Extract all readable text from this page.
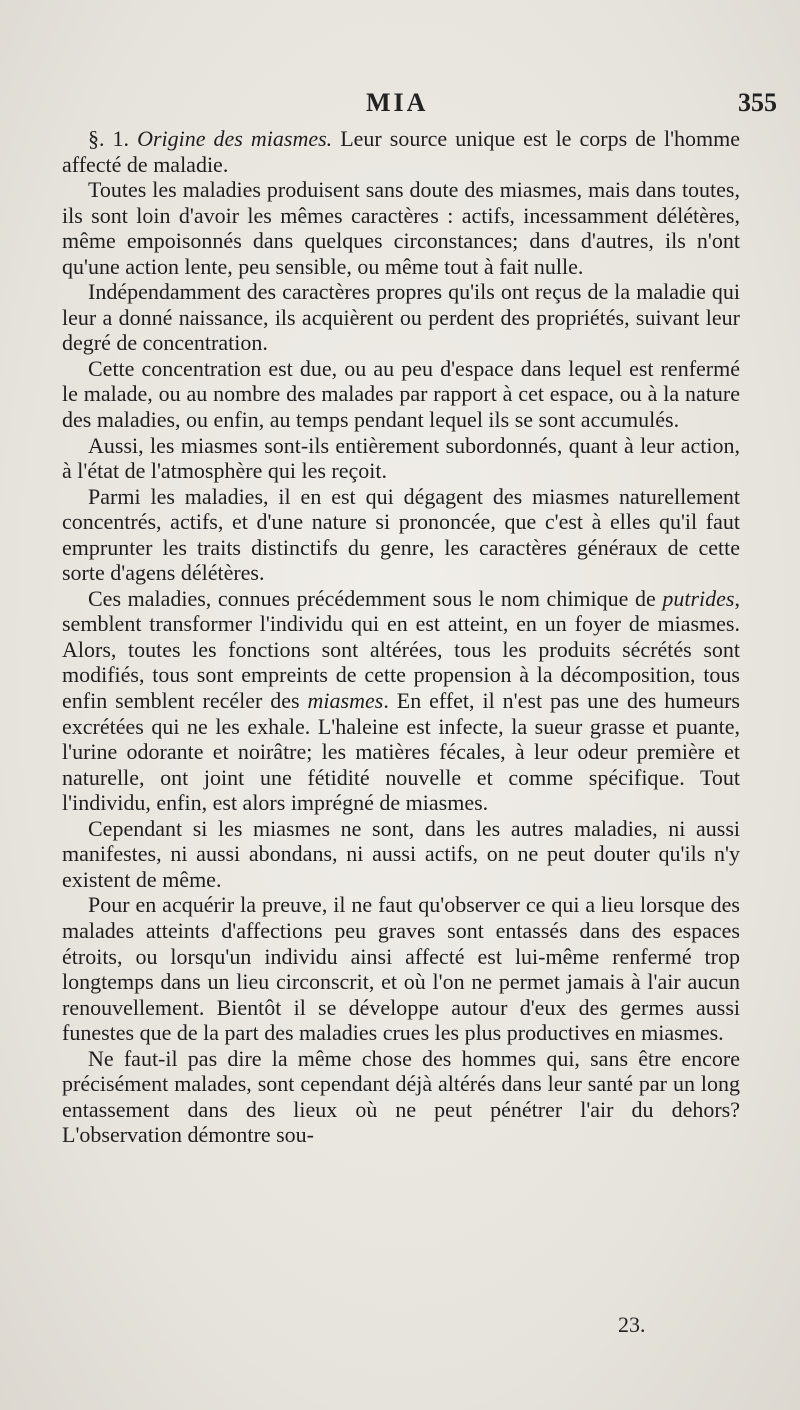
MIA	355

§. 1. Origine des miasmes. Leur source unique est le corps de l'homme affecté de maladie.

Toutes les maladies produisent sans doute des miasmes, mais dans toutes, ils sont loin d'avoir les mêmes caractères : actifs, incessamment délétères, même empoisonnés dans quelques circonstances; dans d'autres, ils n'ont qu'une action lente, peu sensible, ou même tout à fait nulle.

Indépendamment des caractères propres qu'ils ont reçus de la maladie qui leur a donné naissance, ils acquièrent ou perdent des propriétés, suivant leur degré de concentration.

Cette concentration est due, ou au peu d'espace dans lequel est renfermé le malade, ou au nombre des malades par rapport à cet espace, ou à la nature des maladies, ou enfin, au temps pendant lequel ils se sont accumulés.

Aussi, les miasmes sont-ils entièrement subordonnés, quant à leur action, à l'état de l'atmosphère qui les reçoit.

Parmi les maladies, il en est qui dégagent des miasmes naturellement concentrés, actifs, et d'une nature si prononcée, que c'est à elles qu'il faut emprunter les traits distinctifs du genre, les caractères généraux de cette sorte d'agens délétères.

Ces maladies, connues précédemment sous le nom chimique de putrides, semblent transformer l'individu qui en est atteint, en un foyer de miasmes. Alors, toutes les fonctions sont altérées, tous les produits sécrétés sont modifiés, tous sont empreints de cette propension à la décomposition, tous enfin semblent recéler des miasmes. En effet, il n'est pas une des humeurs excrétées qui ne les exhale. L'haleine est infecte, la sueur grasse et puante, l'urine odorante et noirâtre; les matières fécales, à leur odeur première et naturelle, ont joint une fétidité nouvelle et comme spécifique. Tout l'individu, enfin, est alors imprégné de miasmes.

Cependant si les miasmes ne sont, dans les autres maladies, ni aussi manifestes, ni aussi abondans, ni aussi actifs, on ne peut douter qu'ils n'y existent de même.

Pour en acquérir la preuve, il ne faut qu'observer ce qui a lieu lorsque des malades atteints d'affections peu graves sont entassés dans des espaces étroits, ou lorsqu'un individu ainsi affecté est lui-même renfermé trop longtemps dans un lieu circonscrit, et où l'on ne permet jamais à l'air aucun renouvellement. Bientôt il se développe autour d'eux des germes aussi funestes que de la part des maladies crues les plus productives en miasmes.

Ne faut-il pas dire la même chose des hommes qui, sans être encore précisément malades, sont cependant déjà altérés dans leur santé par un long entassement dans des lieux où ne peut pénétrer l'air du dehors? L'observation démontre sou-

23.
